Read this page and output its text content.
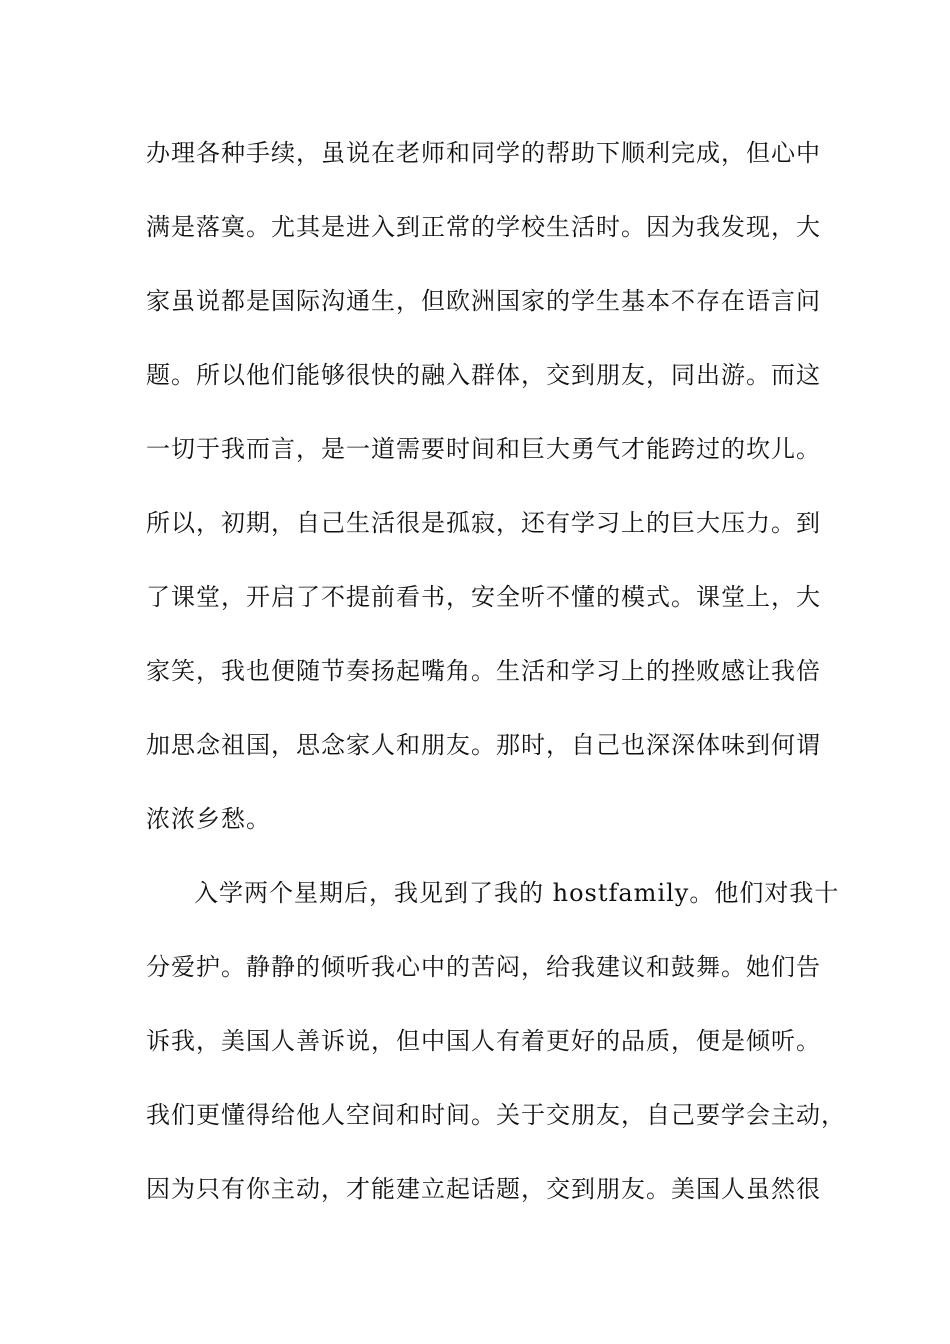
办理各种手续，虽说在老师和同学的帮助下顺利完成，但心中
满是落寞。尤其是进入到正常的学校生活时。因为我发现，大
家虽说都是国际沟通生，但欧洲国家的学生基本不存在语言问
题。所以他们能够很快的融入群体，交到朋友，同出游。而这
一切于我而言，是一道需要时间和巨大勇气才能跨过的坎儿。
所以，初期，自己生活很是孤寂，还有学习上的巨大压力。到
了课堂，开启了不提前看书，安全听不懂的模式。课堂上，大
家笑，我也便随节奏扬起嘴角。生活和学习上的挫败感让我倍
加思念祖国，思念家人和朋友。那时，自己也深深体味到何谓
浓浓乡愁。
入学两个星期后，我见到了我的 hostfamily。他们对我十
分爱护。静静的倾听我心中的苦闷，给我建议和鼓舞。她们告
诉我，美国人善诉说，但中国人有着更好的品质，便是倾听。
我们更懂得给他人空间和时间。关于交朋友，自己要学会主动，
因为只有你主动，才能建立起话题，交到朋友。美国人虽然很
